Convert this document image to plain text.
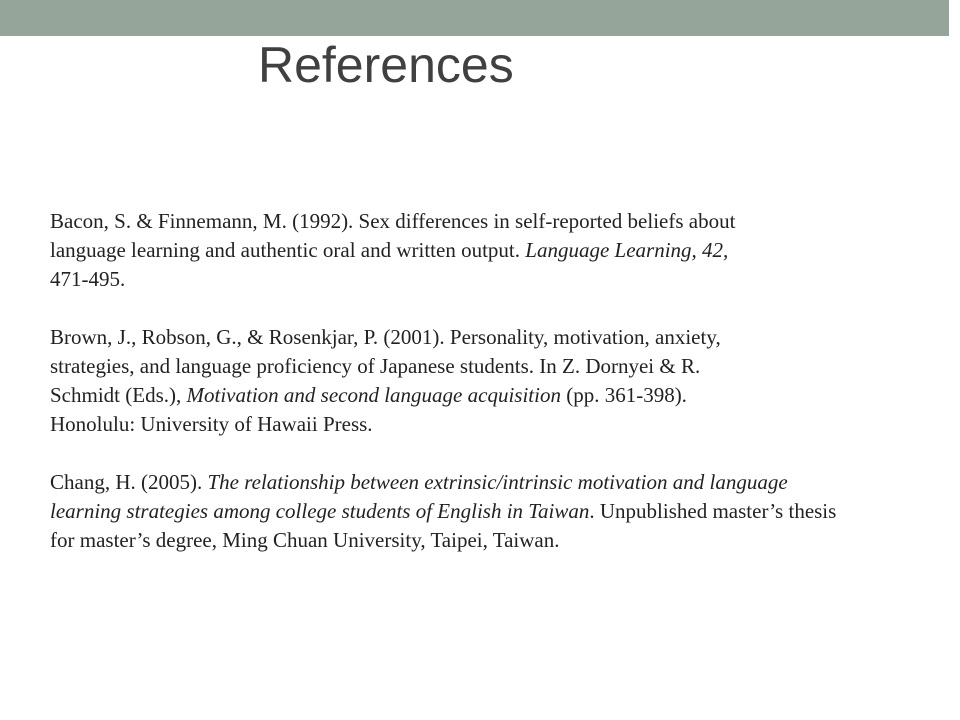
References

Bacon, S. & Finnemann, M. (1992). Sex differences in self-reported beliefs about
language learning and authentic oral and written output. Language Learning, 42,
471-495.

Brown, J., Robson, G., & Rosenkjar, P. (2001). Personality, motivation, anxiety,
strategies, and language proficiency of Japanese students. In Z. Dornyei & R.
Schmidt (Eds.), Motivation and second language acquisition (pp. 361-398).
Honolulu: University of Hawaii Press.

Chang, H. (2005). The relationship between extrinsic/intrinsic motivation and language
learning strategies among college students of English in Taiwan. Unpublished master’s thesis
for master’s degree, Ming Chuan University, Taipei, Taiwan.
